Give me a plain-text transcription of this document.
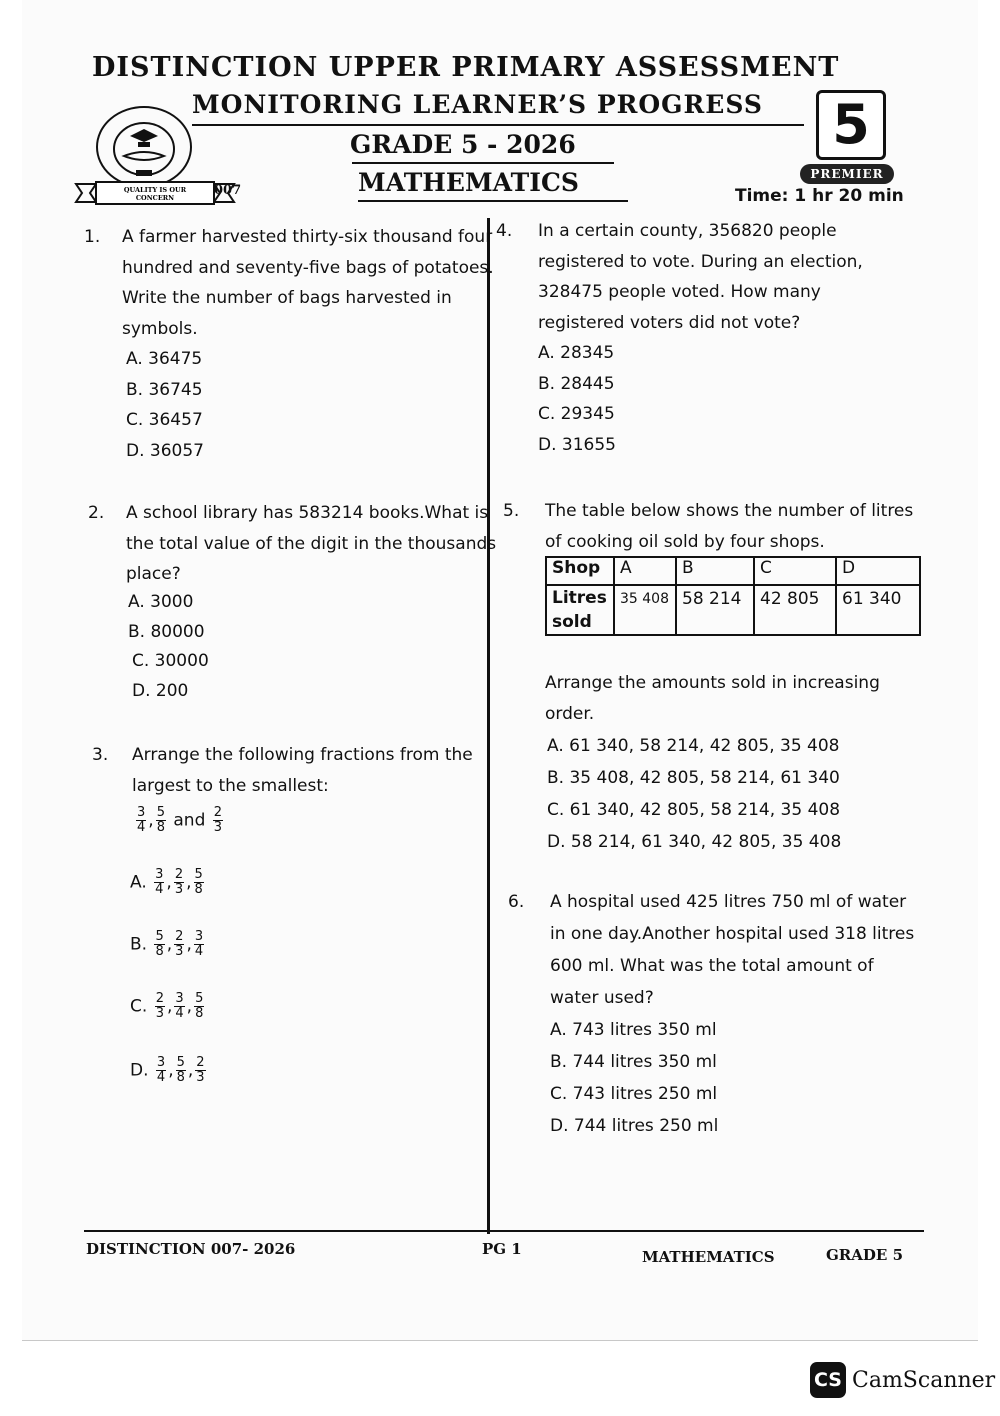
DISTINCTION UPPER PRIMARY ASSESSMENT
MONITORING LEARNER’S PROGRESS
GRADE 5 - 2026
MATHEMATICS
5
PREMIER
Time: 1 hr 20 min
QUALITY IS OUR
CONCERN	007
1. A farmer harvested thirty-six thousand four
hundred and seventy-five bags of potatoes.
Write the number of bags harvested in
symbols.
A. 36475
B. 36745
C. 36457
D. 36057
2. A school library has 583214 books.What is
the total value of the digit in the thousands
place?
A. 3000
B. 80000
C. 30000
D. 200
3. Arrange the following fractions from the
largest to the smallest:
$\frac{3}{4}$ , $\frac{5}{8}$ and $\frac{2}{3}$
A. $\frac{3}{4}$ , $\frac{2}{3}$ , $\frac{5}{8}$
B. $\frac{5}{8}$ , $\frac{2}{3}$ , $\frac{3}{4}$
C. $\frac{2}{3}$ , $\frac{3}{4}$ , $\frac{5}{8}$
D. $\frac{3}{4}$ , $\frac{5}{8}$ , $\frac{2}{3}$
4. In a certain county, 356820 people
registered to vote. During an election,
328475 people voted. How many
registered voters did not vote?
A. 28345
B. 28445
C. 29345
D. 31655
5. The table below shows the number of litres
of cooking oil sold by four shops.
Shop	A	B	C	D

Litres
sold	35 408	58 214	42 805	61 340
Arrange the amounts sold in increasing
order.
A. 61 340, 58 214, 42 805, 35 408
B. 35 408, 42 805, 58 214, 61 340
C. 61 340, 42 805, 58 214, 35 408
D. 58 214, 61 340, 42 805, 35 408
6. A hospital used 425 litres 750 ml of water
in one day.Another hospital used 318 litres
600 ml. What was the total amount of
water used?
A. 743 litres 350 ml
B. 744 litres 350 ml
C. 743 litres 250 ml
D. 744 litres 250 ml
DISTINCTION 007- 2026	PG 1	MATHEMATICS	GRADE 5
CS CamScanner
